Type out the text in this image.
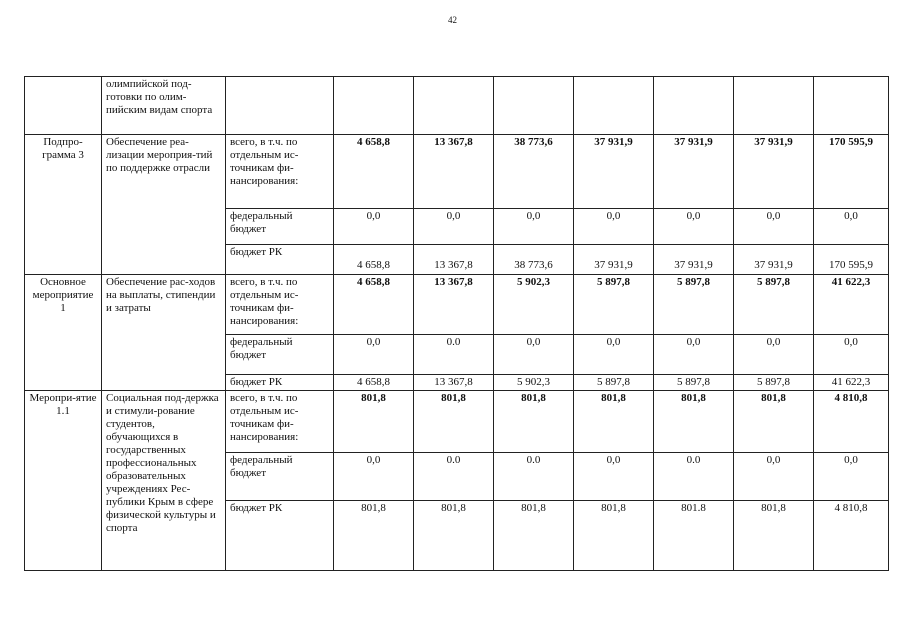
42
	олимпийской под-готовки по олим-пийским видам спорта								
Подпро-грамма 3	Обеспечение реа-лизации мероприя-тий по поддержке отрасли	всего, в т.ч. по отдельным ис-точникам фи-нансирования:	4 658,8	13 367,8	38 773,6	37 931,9	37 931,9	37 931,9	170 595,9
		федеральный бюджет	0,0	0,0	0,0	0,0	0,0	0,0	0,0
		бюджет РК	4 658,8	13 367,8	38 773,6	37 931,9	37 931,9	37 931,9	170 595,9
Основное мероприятие 1	Обеспечение рас-ходов на выплаты, стипендии и затраты	всего, в т.ч. по отдельным ис-точникам фи-нансирования:	4 658,8	13 367,8	5 902,3	5 897,8	5 897,8	5 897,8	41 622,3
		федеральный бюджет	0,0	0.0	0,0	0,0	0,0	0,0	0,0
		бюджет РК	4 658,8	13 367,8	5 902,3	5 897,8	5 897,8	5 897,8	41 622,3
Меропри-ятие 1.1	Социальная под-держка и стимули-рование студентов, обучающихся в государственных профессиональных образовательных учреждениях Рес-публики Крым в сфере физической культуры и спорта	всего, в т.ч. по отдельным ис-точникам фи-нансирования:	801,8	801,8	801,8	801,8	801,8	801,8	4 810,8
		федеральный бюджет	0,0	0.0	0.0	0,0	0.0	0,0	0,0
		бюджет РК	801,8	801,8	801,8	801,8	801.8	801,8	4 810,8
